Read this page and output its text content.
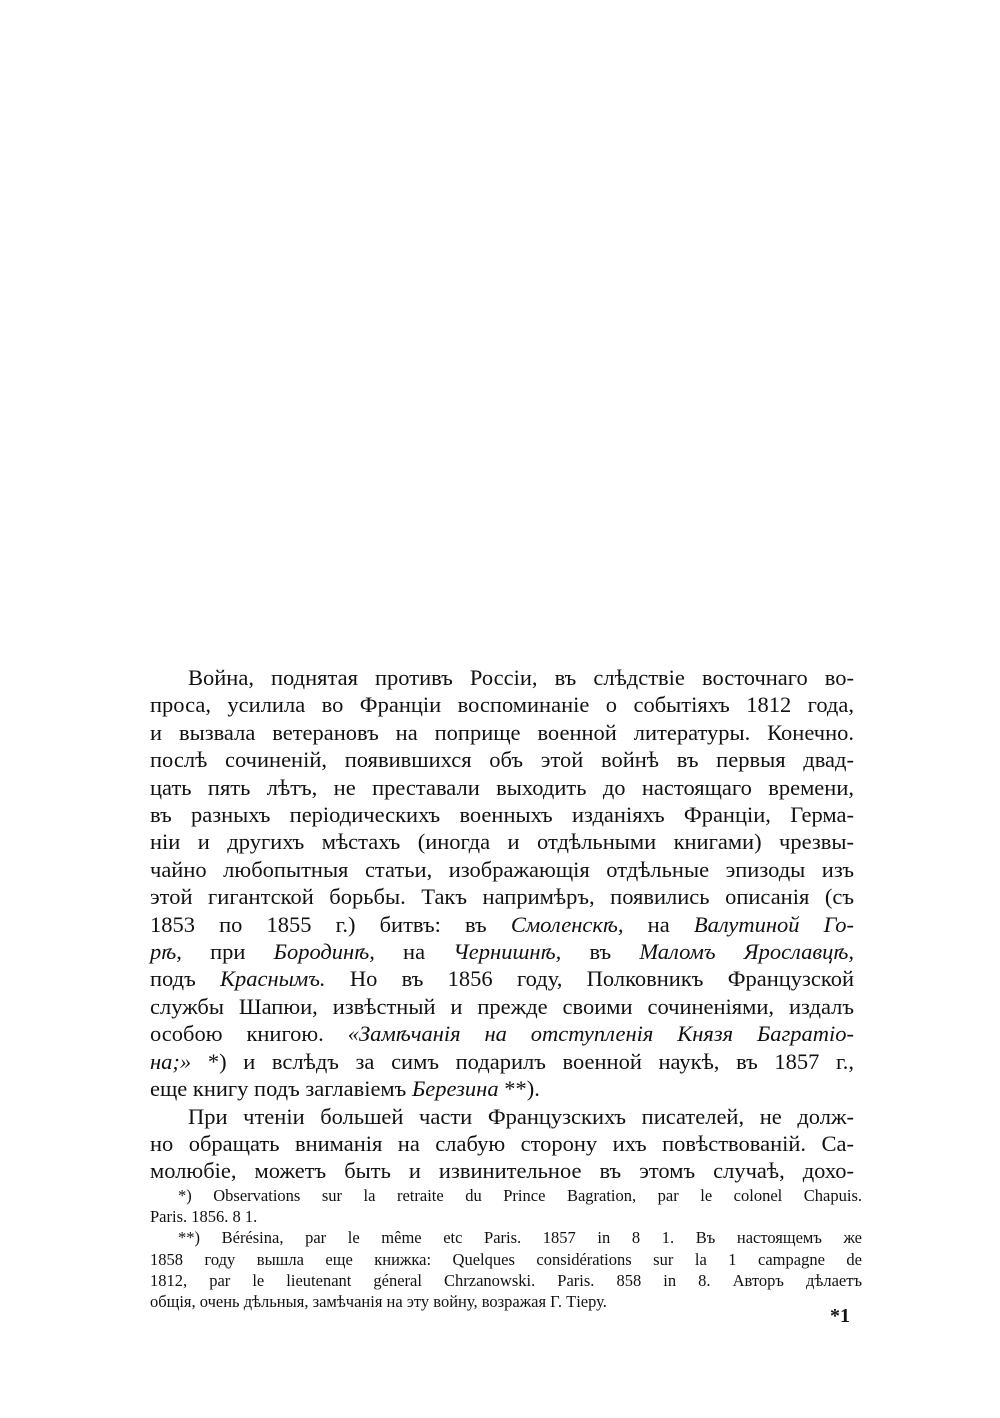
Война, поднятая противъ Россіи, въ слѣдствіе восточнаго во-
проса, усилила во Франціи воспоминаніе о событіяхъ 1812 года,
и вызвала ветерановъ на поприще военной литературы. Конечно.
послѣ сочиненій, появившихся объ этой войнѣ въ первыя двад-
цать пять лѣтъ, не преставали выходить до настоящаго времени,
въ разныхъ періодическихъ военныхъ изданіяхъ Франціи, Герма-
ніи и другихъ мѣстахъ (иногда и отдѣльными книгами) чрезвы-
чайно любопытныя статьи, изображающія отдѣльные эпизоды изъ
этой гигантской борьбы. Такъ напримѣръ, появились описанія (съ
1853 по 1855 г.) битвъ: въ Смоленскѣ, на Валутиной Го-
рѣ, при Бородинѣ, на Чернишнѣ, въ Маломъ Ярославцѣ,
подъ Краснымъ. Но въ 1856 году, Полковникъ Французской
службы Шапюи, извѣстный и прежде своими сочиненіями, издалъ
особою книгою. «Замѣчанія на отступленія Князя Багратіо-
на;» *) и вслѣдъ за симъ подарилъ военной наукѣ, въ 1857 г.,
еще книгу подъ заглавіемъ Березина **).
При чтеніи большей части Французскихъ писателей, не долж-
но обращать вниманія на слабую сторону ихъ повѣствованій. Са-
молюбіе, можетъ быть и извинительное въ этомъ случаѣ, дохо-
*) Observations sur la retraite du Prince Bagration, par le colonel Chapuis.
Paris. 1856. 8 1.
**) Bérésina, par le même etc Paris. 1857 in 8 1. Въ настоящемъ же
1858 году вышла еще книжка: Quelques considérations sur la 1 campagne de
1812, par le lieutenant géneral Chrzanowski. Paris. 858 in 8. Авторъ дѣлаетъ
общія, очень дѣльныя, замѣчанія на эту войну, возражая Г. Тіеру.
*1
